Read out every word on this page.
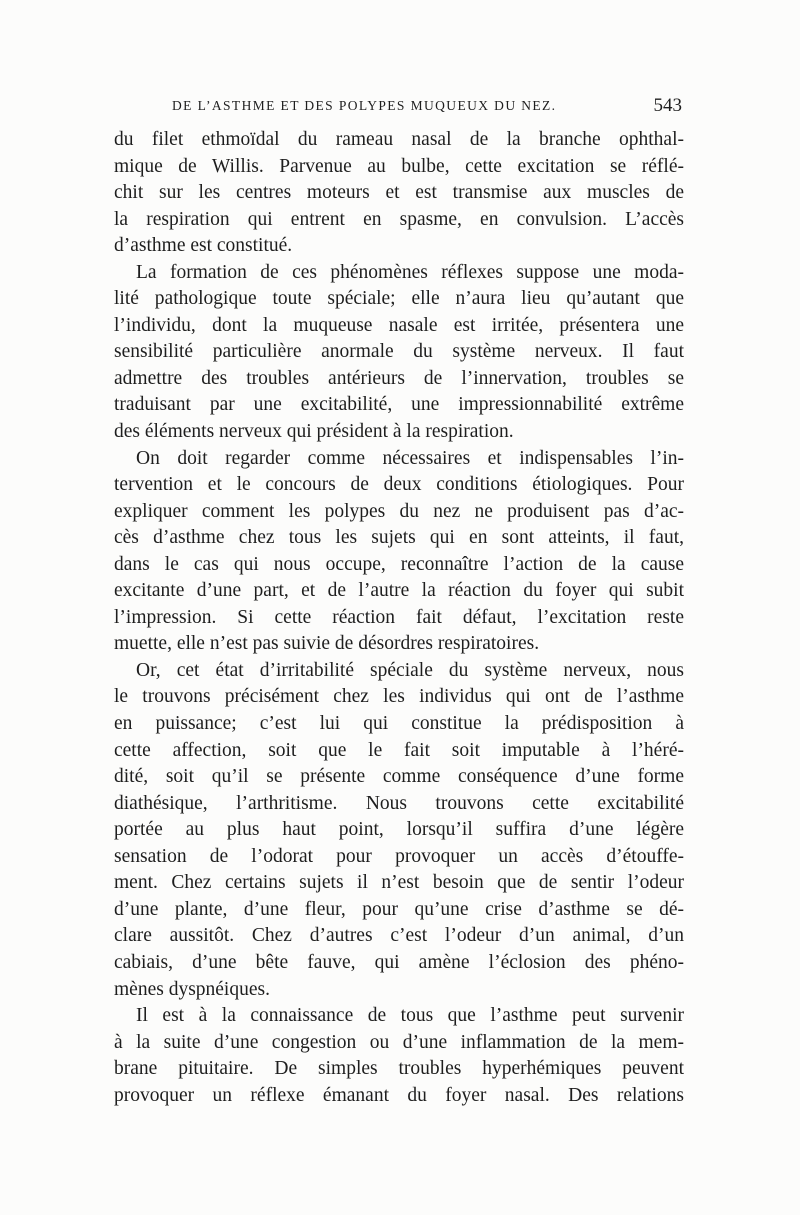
DE L’ASTHME ET DES POLYPES MUQUEUX DU NEZ.	543
du filet ethmoïdal du rameau nasal de la branche ophthal-
mique de Willis. Parvenue au bulbe, cette excitation se réflé-
chit sur les centres moteurs et est transmise aux muscles de
la respiration qui entrent en spasme, en convulsion. L’accès
d’asthme est constitué.
La formation de ces phénomènes réflexes suppose une moda-
lité pathologique toute spéciale; elle n’aura lieu qu’autant que
l’individu, dont la muqueuse nasale est irritée, présentera une
sensibilité particulière anormale du système nerveux. Il faut
admettre des troubles antérieurs de l’innervation, troubles se
traduisant par une excitabilité, une impressionnabilité extrême
des éléments nerveux qui président à la respiration.
On doit regarder comme nécessaires et indispensables l’in-
tervention et le concours de deux conditions étiologiques. Pour
expliquer comment les polypes du nez ne produisent pas d’ac-
cès d’asthme chez tous les sujets qui en sont atteints, il faut,
dans le cas qui nous occupe, reconnaître l’action de la cause
excitante d’une part, et de l’autre la réaction du foyer qui subit
l’impression. Si cette réaction fait défaut, l’excitation reste
muette, elle n’est pas suivie de désordres respiratoires.
Or, cet état d’irritabilité spéciale du système nerveux, nous
le trouvons précisément chez les individus qui ont de l’asthme
en puissance; c’est lui qui constitue la prédisposition à
cette affection, soit que le fait soit imputable à l’héré-
dité, soit qu’il se présente comme conséquence d’une forme
diathésique, l’arthritisme. Nous trouvons cette excitabilité
portée au plus haut point, lorsqu’il suffira d’une légère
sensation de l’odorat pour provoquer un accès d’étouffe-
ment. Chez certains sujets il n’est besoin que de sentir l’odeur
d’une plante, d’une fleur, pour qu’une crise d’asthme se dé-
clare aussitôt. Chez d’autres c’est l’odeur d’un animal, d’un
cabiais, d’une bête fauve, qui amène l’éclosion des phéno-
mènes dyspnéiques.
Il est à la connaissance de tous que l’asthme peut survenir
à la suite d’une congestion ou d’une inflammation de la mem-
brane pituitaire. De simples troubles hyperhémiques peuvent
provoquer un réflexe émanant du foyer nasal. Des relations
